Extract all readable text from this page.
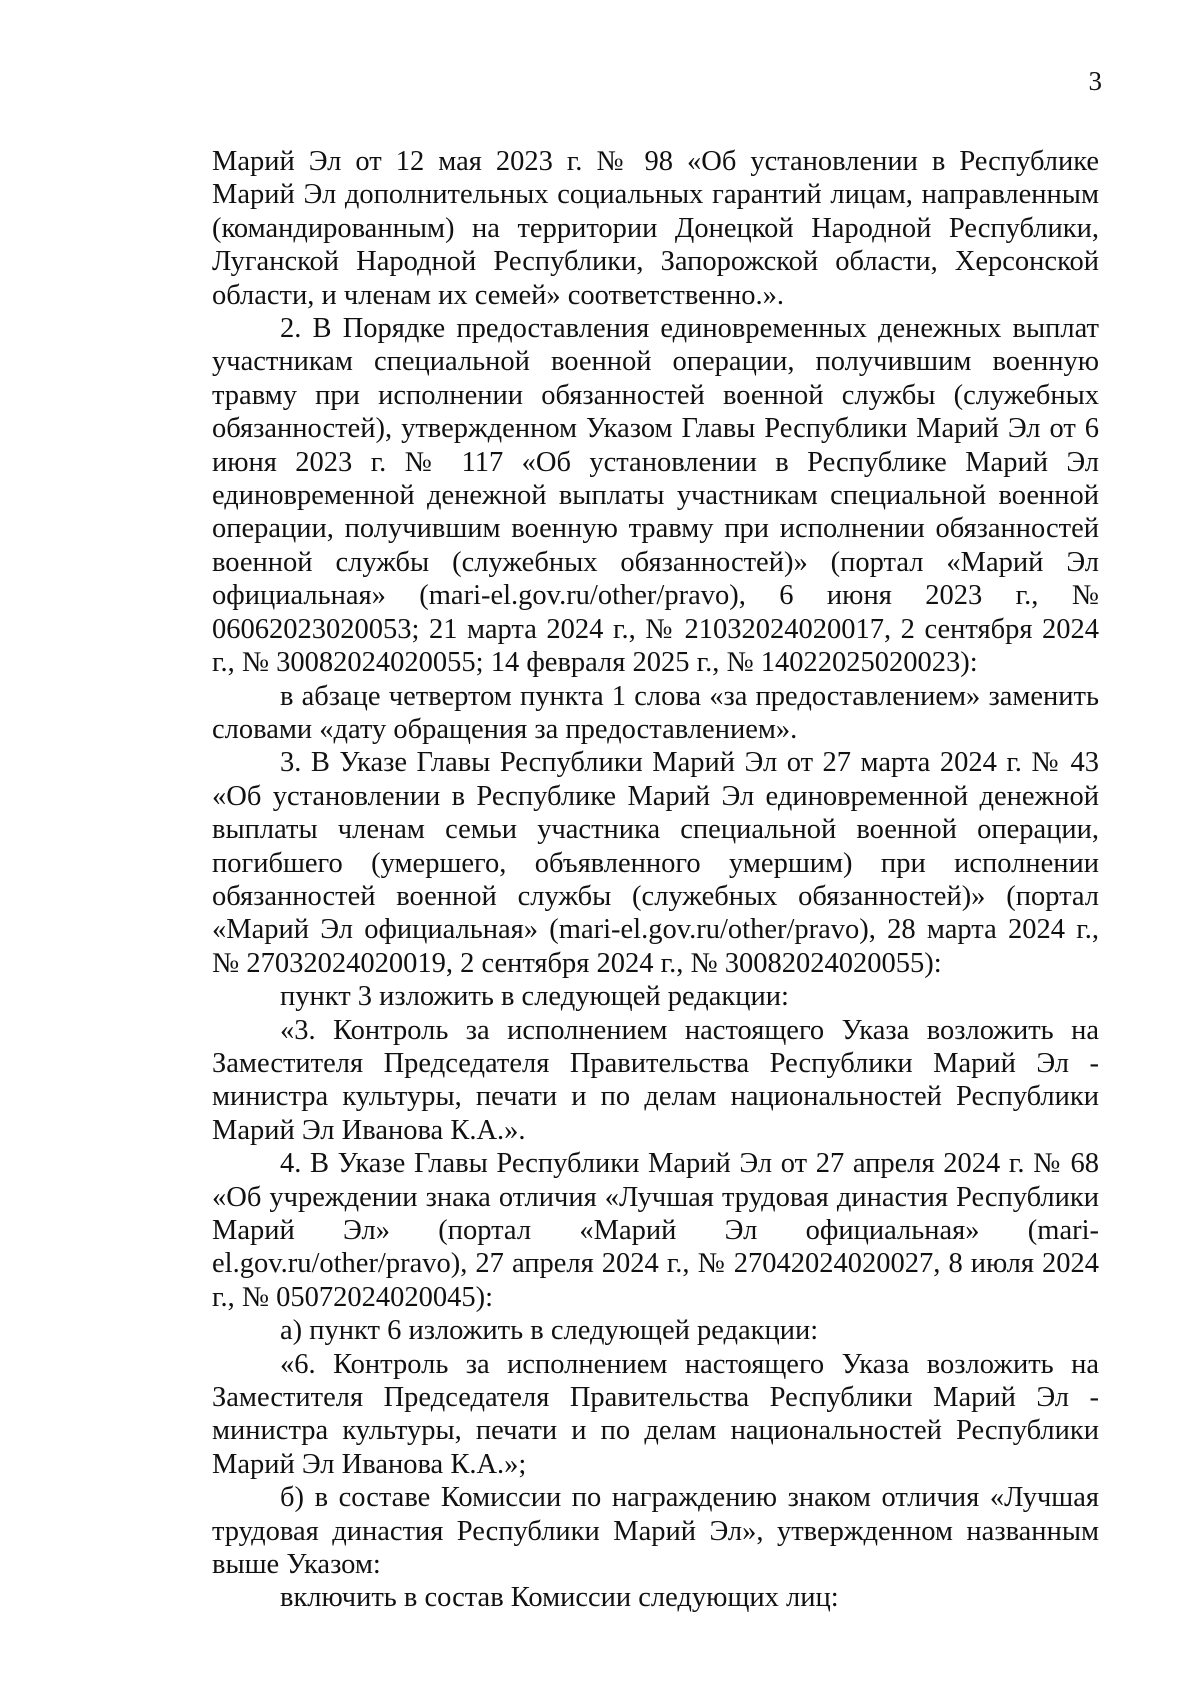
3

Марий Эл от 12 мая 2023 г. № 98 «Об установлении в Республике Марий Эл дополнительных социальных гарантий лицам, направленным (командированным) на территории Донецкой Народной Республики, Луганской Народной Республики, Запорожской области, Херсонской области, и членам их семей» соответственно.».

2. В Порядке предоставления единовременных денежных выплат участникам специальной военной операции, получившим военную травму при исполнении обязанностей военной службы (служебных обязанностей), утвержденном Указом Главы Республики Марий Эл от 6 июня 2023 г. № 117 «Об установлении в Республике Марий Эл единовременной денежной выплаты участникам специальной военной операции, получившим военную травму при исполнении обязанностей военной службы (служебных обязанностей)» (портал «Марий Эл официальная» (mari-el.gov.ru/other/pravo), 6 июня 2023 г., № 06062023020053; 21 марта 2024 г., № 21032024020017, 2 сентября 2024 г., № 30082024020055; 14 февраля 2025 г., № 14022025020023):

в абзаце четвертом пункта 1 слова «за предоставлением» заменить словами «дату обращения за предоставлением».

3. В Указе Главы Республики Марий Эл от 27 марта 2024 г. № 43 «Об установлении в Республике Марий Эл единовременной денежной выплаты членам семьи участника специальной военной операции, погибшего (умершего, объявленного умершим) при исполнении обязанностей военной службы (служебных обязанностей)» (портал «Марий Эл официальная» (mari-el.gov.ru/other/pravo), 28 марта 2024 г., № 27032024020019, 2 сентября 2024 г., № 30082024020055):

пункт 3 изложить в следующей редакции:

«3. Контроль за исполнением настоящего Указа возложить на Заместителя Председателя Правительства Республики Марий Эл - министра культуры, печати и по делам национальностей Республики Марий Эл Иванова К.А.».

4. В Указе Главы Республики Марий Эл от 27 апреля 2024 г. № 68 «Об учреждении знака отличия «Лучшая трудовая династия Республики Марий Эл» (портал «Марий Эл официальная» (mari-el.gov.ru/other/pravo), 27 апреля 2024 г., № 27042024020027, 8 июля 2024 г., № 05072024020045):

а) пункт 6 изложить в следующей редакции:

«6. Контроль за исполнением настоящего Указа возложить на Заместителя Председателя Правительства Республики Марий Эл - министра культуры, печати и по делам национальностей Республики Марий Эл Иванова К.А.»;

б) в составе Комиссии по награждению знаком отличия «Лучшая трудовая династия Республики Марий Эл», утвержденном названным выше Указом:

включить в состав Комиссии следующих лиц:
